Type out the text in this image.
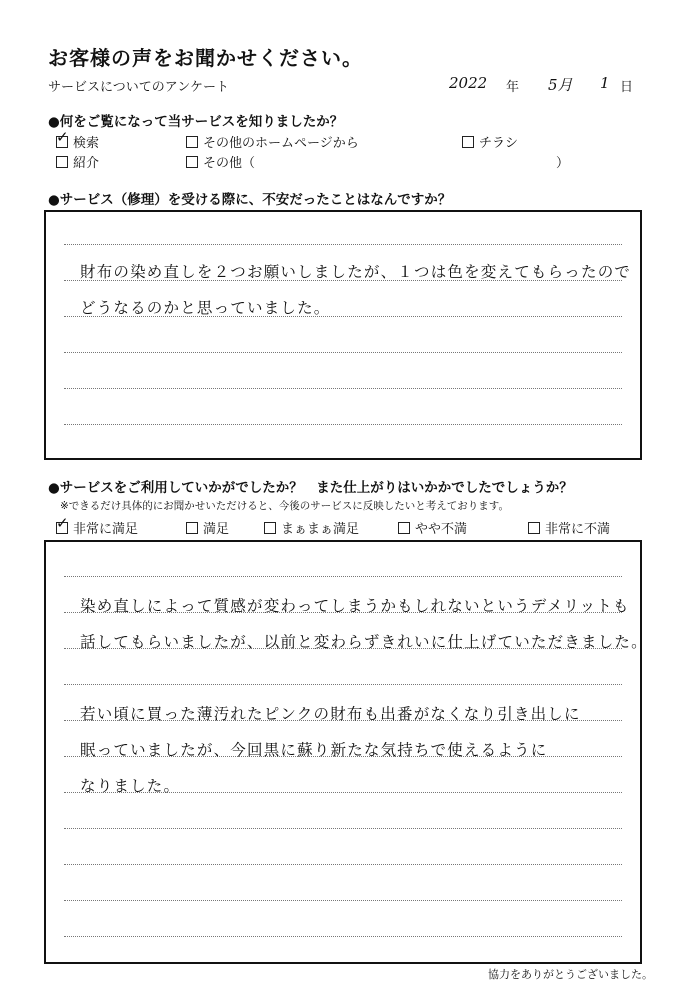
お客様の声をお聞かせください。
サービスについてのアンケート	2022 年 5月 1 日
●何をご覧になって当サービスを知りましたか？
✓ 検索	その他のホームページから	チラシ
紹介	その他（	）
●サービス（修理）を受ける際に、不安だったことはなんですか？
財布の染め直しを２つお願いしましたが、１つは色を変えてもらったので
どうなるのかと思っていました。
●サービスをご利用していかがでしたか？　また仕上がりはいかかでしたでしょうか？
※できるだけ具体的にお聞かせいただけると、今後のサービスに反映したいと考えております。
✓ 非常に満足	満足	まぁまぁ満足	やや不満	非常に不満
染め直しによって質感が変わってしまうかもしれないというデメリットも
話してもらいましたが、以前と変わらずきれいに仕上げていただきました。
若い頃に買った薄汚れたピンクの財布も出番がなくなり引き出しに
眠っていましたが、今回黒に蘇り新たな気持ちで使えるように
なりました。
協力をありがとうございました。
